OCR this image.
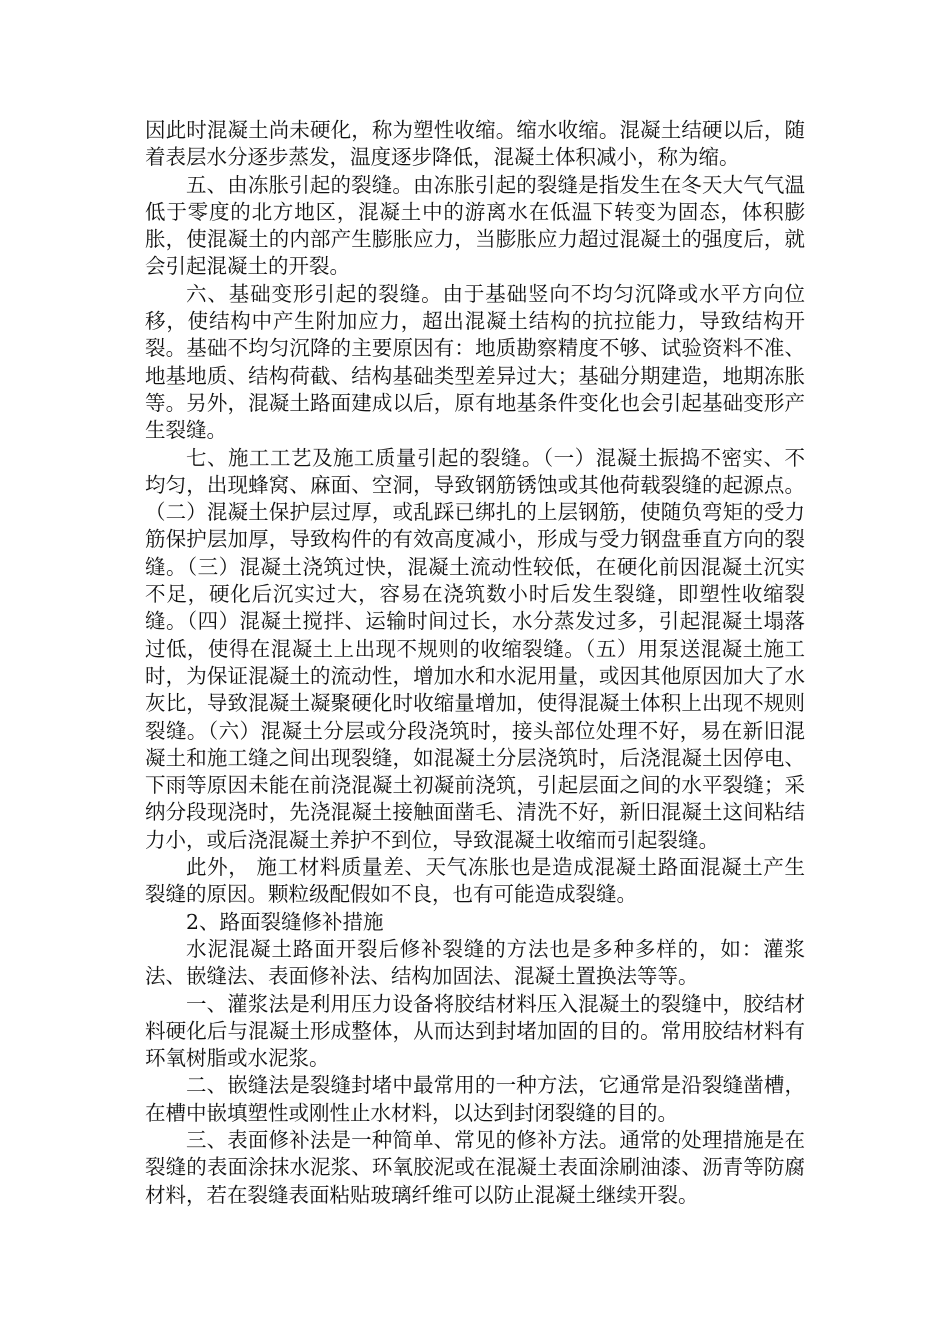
因此时混凝土尚未硬化，称为塑性收缩。缩水收缩。混凝土结硬以后，随着表层水分逐步蒸发，温度逐步降低，混凝土体积减小，称为缩。

五、由冻胀引起的裂缝。由冻胀引起的裂缝是指发生在冬天大气气温低于零度的北方地区，混凝土中的游离水在低温下转变为固态，体积膨胀，使混凝土的内部产生膨胀应力，当膨胀应力超过混凝土的强度后，就会引起混凝土的开裂。

六、基础变形引起的裂缝。由于基础竖向不均匀沉降或水平方向位移，使结构中产生附加应力，超出混凝土结构的抗拉能力，导致结构开裂。基础不均匀沉降的主要原因有：地质勘察精度不够、试验资料不准、地基地质、结构荷截、结构基础类型差异过大；基础分期建造，地期冻胀等。另外，混凝土路面建成以后，原有地基条件变化也会引起基础变形产生裂缝。

七、施工工艺及施工质量引起的裂缝。（一）混凝土振捣不密实、不均匀，出现蜂窝、麻面、空洞，导致钢筋锈蚀或其他荷载裂缝的起源点。（二）混凝土保护层过厚，或乱踩已绑扎的上层钢筋，使随负弯矩的受力筋保护层加厚，导致构件的有效高度减小，形成与受力钢盘垂直方向的裂缝。（三）混凝土浇筑过快，混凝土流动性较低，在硬化前因混凝土沉实不足，硬化后沉实过大，容易在浇筑数小时后发生裂缝，即塑性收缩裂缝。（四）混凝土搅拌、运输时间过长，水分蒸发过多，引起混凝土塌落过低，使得在混凝土上出现不规则的收缩裂缝。（五）用泵送混凝土施工时，为保证混凝土的流动性，增加水和水泥用量，或因其他原因加大了水灰比，导致混凝土凝聚硬化时收缩量增加，使得混凝土体积上出现不规则裂缝。（六）混凝土分层或分段浇筑时，接头部位处理不好，易在新旧混凝土和施工缝之间出现裂缝，如混凝土分层浇筑时，后浇混凝土因停电、下雨等原因未能在前浇混凝土初凝前浇筑，引起层面之间的水平裂缝；采纳分段现浇时，先浇混凝土接触面凿毛、清洗不好，新旧混凝土这间粘结力小，或后浇混凝土养护不到位，导致混凝土收缩而引起裂缝。

此外， 施工材料质量差、天气冻胀也是造成混凝土路面混凝土产生裂缝的原因。颗粒级配假如不良，也有可能造成裂缝。

2、路面裂缝修补措施

水泥混凝土路面开裂后修补裂缝的方法也是多种多样的，如：灌浆法、嵌缝法、表面修补法、结构加固法、混凝土置换法等等。

一、灌浆法是利用压力设备将胶结材料压入混凝土的裂缝中，胶结材料硬化后与混凝土形成整体，从而达到封堵加固的目的。常用胶结材料有环氧树脂或水泥浆。

二、嵌缝法是裂缝封堵中最常用的一种方法，它通常是沿裂缝凿槽，在槽中嵌填塑性或刚性止水材料，以达到封闭裂缝的目的。

三、表面修补法是一种简单、常见的修补方法。通常的处理措施是在裂缝的表面涂抹水泥浆、环氧胶泥或在混凝土表面涂刷油漆、沥青等防腐材料，若在裂缝表面粘贴玻璃纤维可以防止混凝土继续开裂。
